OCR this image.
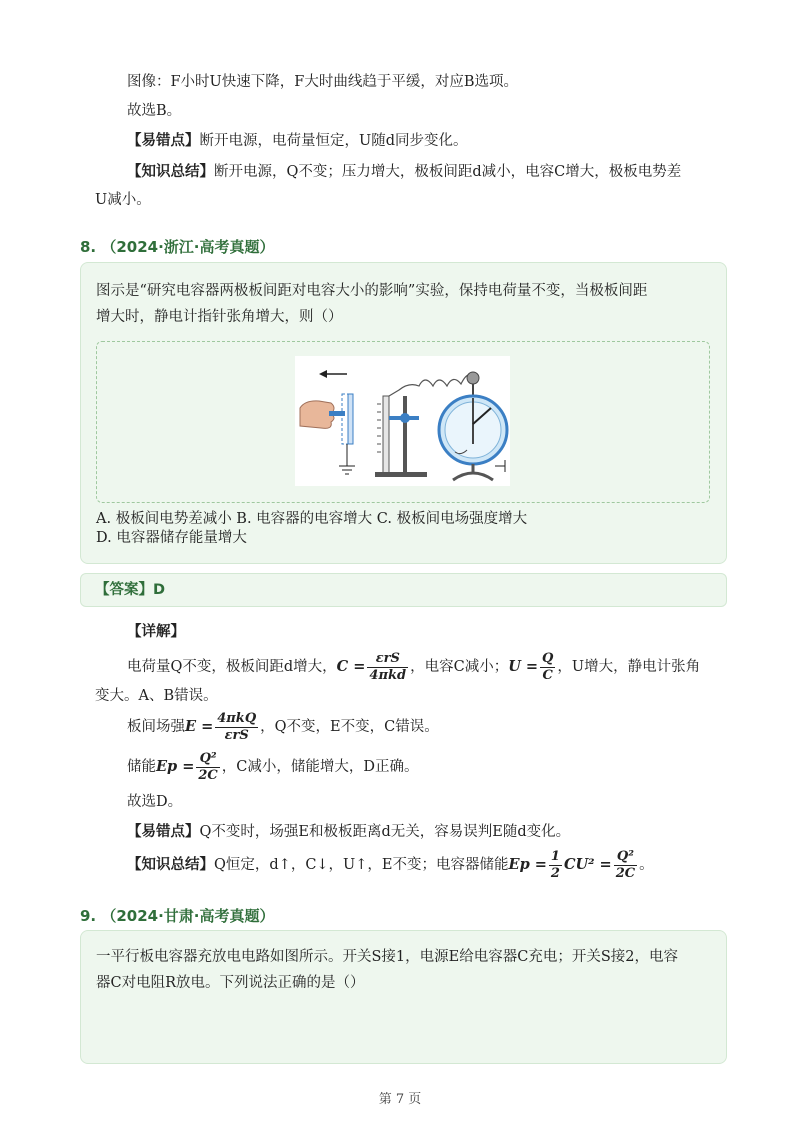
图像：F小时U快速下降，F大时曲线趋于平缓，对应B选项。
故选B。
【易错点】断开电源，电荷量恒定，U随d同步变化。
【知识总结】断开电源，Q不变；压力增大，极板间距d减小，电容C增大，极板电势差
U减小。
8. （2024·浙江·高考真题）
图示是“研究电容器两极板间距对电容大小的影响”实验，保持电荷量不变，当极板间距
增大时，静电计指针张角增大，则（）
A. 极板间电势差减小 B. 电容器的电容增大 C. 极板间电场强度增大
D. 电容器储存能量增大
【答案】D
【详解】
电荷量Q不变，极板间距d增大，$C = \frac{\text{εrS}}{\text{4πkd}}$ ，电容C减小；$U = \frac{Q}{C}$ ，U增大，静电计张角
变大。A、B错误。
板间场强$E = \frac{\text{4πkQ}}{\text{εrS}}$ ，Q不变，E不变，C错误。
储能$Ep = \frac{\text{Q²}}{2C}$ ，C减小，储能增大，D正确。
故选D。
【易错点】Q不变时，场强E和极板距离d无关，容易误判E随d变化。
【知识总结】Q恒定，d↑，C↓，U↑，E不变；电容器储能$Ep = \frac{1}{2} CU^2 = \frac{\text{Q²}}{2C}$ 。
9. （2024·甘肃·高考真题）
一平行板电容器充放电电路如图所示。开关S接1，电源E给电容器C充电；开关S接2，电容
器C对电阻R放电。下列说法正确的是（）
第 7 页
